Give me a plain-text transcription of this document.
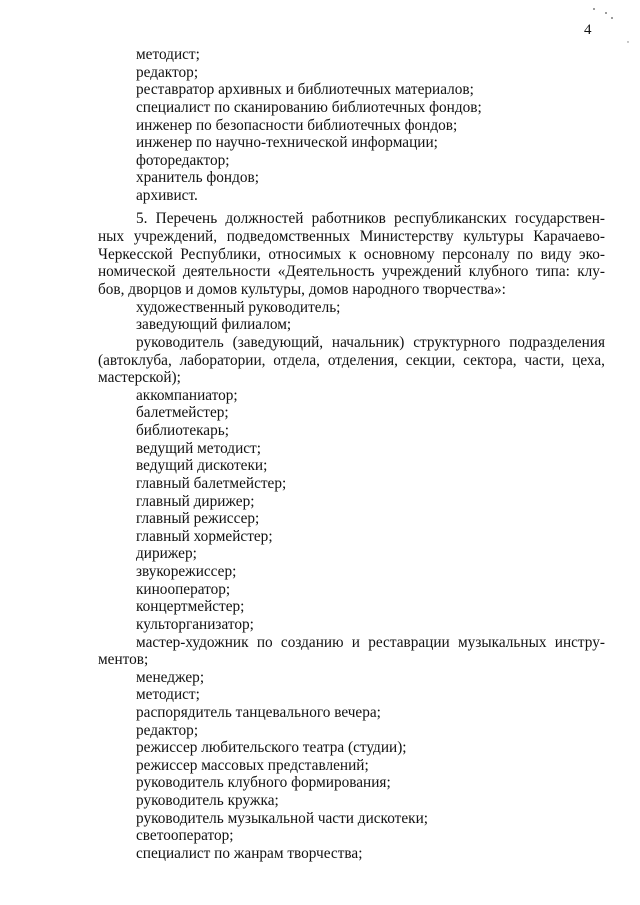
4
методист;
редактор;
реставратор архивных и библиотечных материалов;
специалист по сканированию библиотечных фондов;
инженер по безопасности библиотечных фондов;
инженер по научно-технической информации;
фоторедактор;
хранитель фондов;
архивист.
5. Перечень должностей работников республиканских государствен-
ных учреждений, подведомственных Министерству культуры Карачаево-
Черкесской Республики, относимых к основному персоналу по виду эко-
номической деятельности «Деятельность учреждений клубного типа: клу-
бов, дворцов и домов культуры, домов народного творчества»:
художественный руководитель;
заведующий филиалом;
руководитель (заведующий, начальник) структурного подразделения
(автоклуба, лаборатории, отдела, отделения, секции, сектора, части, цеха,
мастерской);
аккомпаниатор;
балетмейстер;
библиотекарь;
ведущий методист;
ведущий дискотеки;
главный балетмейстер;
главный дирижер;
главный режиссер;
главный хормейстер;
дирижер;
звукорежиссер;
кинооператор;
концертмейстер;
культорганизатор;
мастер-художник по созданию и реставрации музыкальных инстру-
ментов;
менеджер;
методист;
распорядитель танцевального вечера;
редактор;
режиссер любительского театра (студии);
режиссер массовых представлений;
руководитель клубного формирования;
руководитель кружка;
руководитель музыкальной части дискотеки;
светооператор;
специалист по жанрам творчества;
